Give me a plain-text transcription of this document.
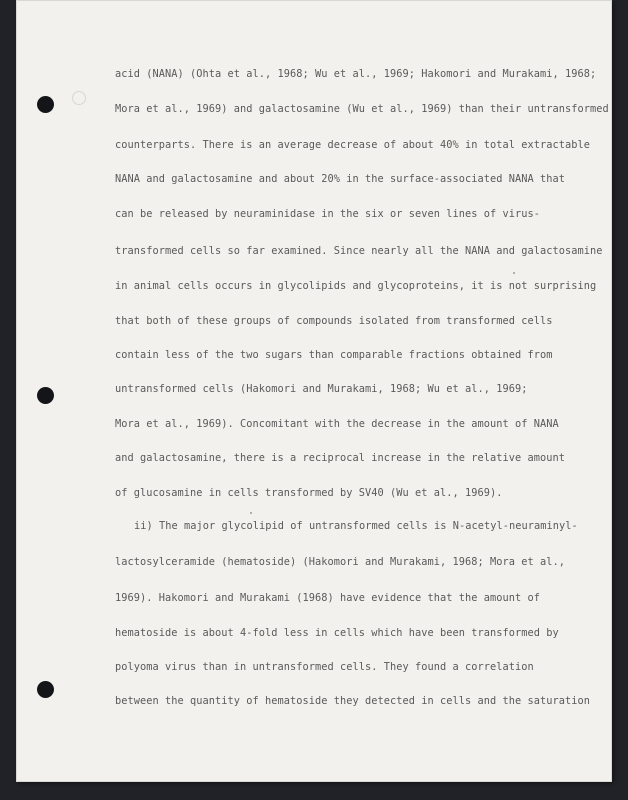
acid (NANA) (Ohta et al., 1968; Wu et al., 1969; Hakomori and Murakami, 1968;
Mora et al., 1969) and galactosamine (Wu et al., 1969) than their untransformed
counterparts. There is an average decrease of about 40% in total extractable
NANA and galactosamine and about 20% in the surface-associated NANA that
can be released by neuraminidase in the six or seven lines of virus-
transformed cells so far examined. Since nearly all the NANA and galactosamine
in animal cells occurs in glycolipids and glycoproteins, it is not surprising
that both of these groups of compounds isolated from transformed cells
contain less of the two sugars than comparable fractions obtained from
untransformed cells (Hakomori and Murakami, 1968; Wu et al., 1969;
Mora et al., 1969). Concomitant with the decrease in the amount of NANA
and galactosamine, there is a reciprocal increase in the relative amount
of glucosamine in cells transformed by SV40 (Wu et al., 1969).
ii) The major glycolipid of untransformed cells is N-acetyl-neuraminyl-
lactosylceramide (hematoside) (Hakomori and Murakami, 1968; Mora et al.,
1969). Hakomori and Murakami (1968) have evidence that the amount of
hematoside is about 4-fold less in cells which have been transformed by
polyoma virus than in untransformed cells. They found a correlation
between the quantity of hematoside they detected in cells and the saturation
